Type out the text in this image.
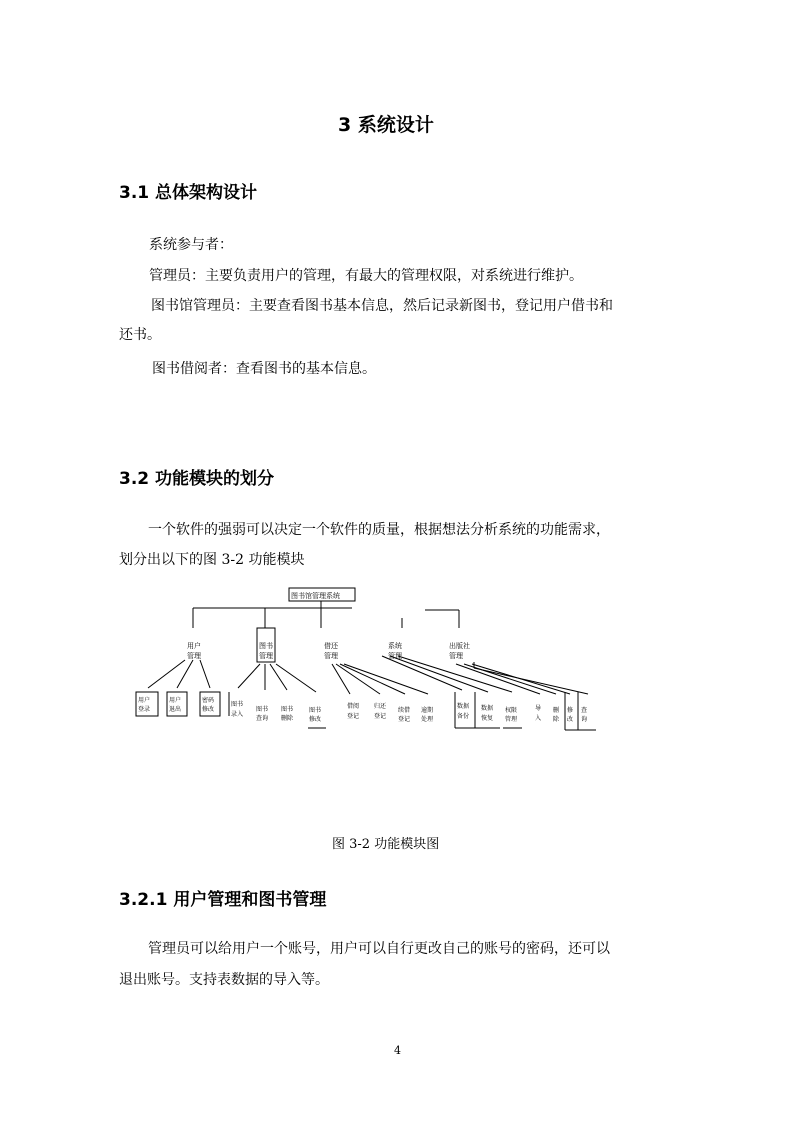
3 系统设计
3.1 总体架构设计
系统参与者：
管理员：主要负责用户的管理，有最大的管理权限，对系统进行维护。
图书馆管理员：主要查看图书基本信息，然后记录新图书，登记用户借书和
还书。
图书借阅者：查看图书的基本信息。
3.2 功能模块的划分
一个软件的强弱可以决定一个软件的质量，根据想法分析系统的功能需求，
划分出以下的图 3-2 功能模块
图书馆管理系统
用户
管理
图书
管理
借还
管理
系统
管理
出版社
管理
用户
登录
用户
退出
密码
修改
图书
录入
图书
查询
图书
删除
图书
修改
借阅
登记
归还
登记
续借
登记
逾期
处理
数据
备份
数据
恢复
权限
管理
导
入
删
除
修
改
查
询
图 3-2 功能模块图
3.2.1 用户管理和图书管理
管理员可以给用户一个账号，用户可以自行更改自己的账号的密码，还可以
退出账号。支持表数据的导入等。
4
